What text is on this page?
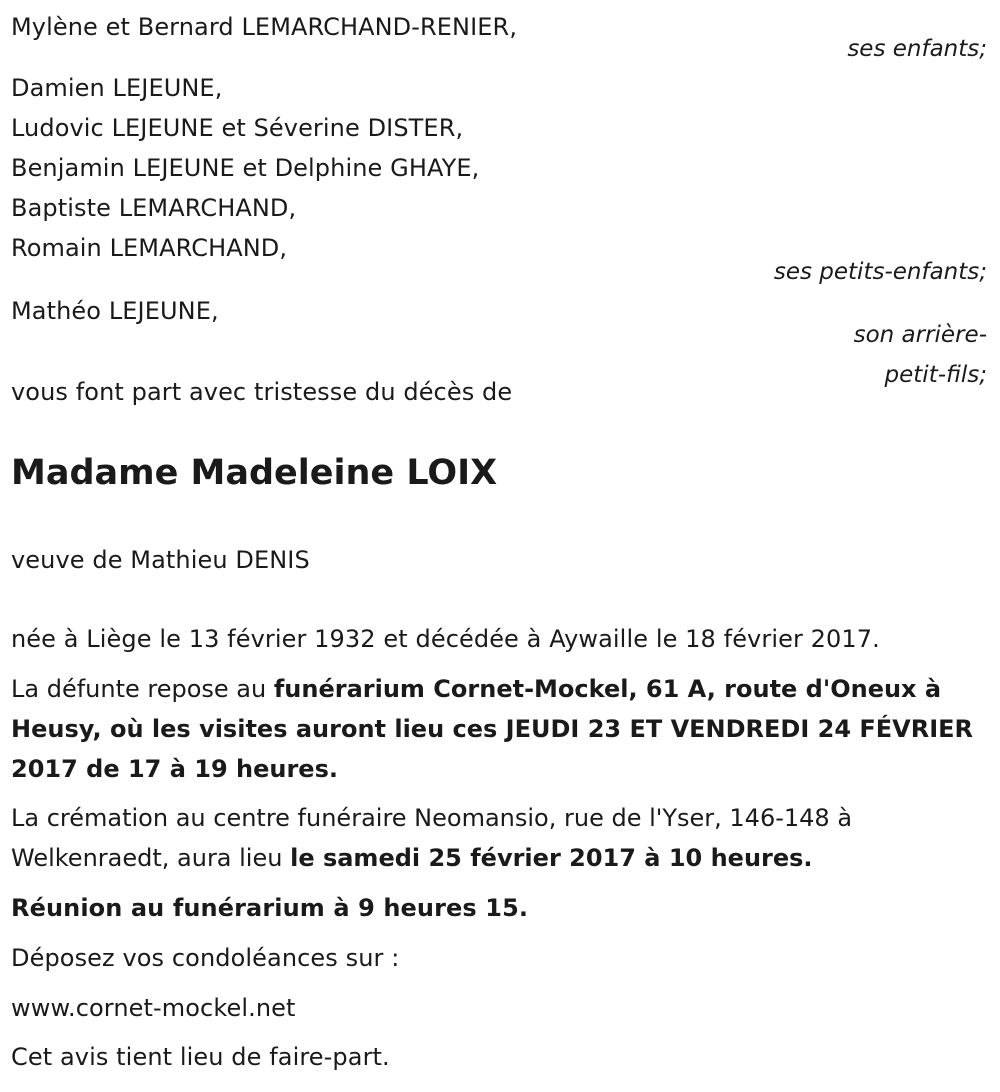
Mylène et Bernard LEMARCHAND-RENIER,
ses enfants;
Damien LEJEUNE,
Ludovic LEJEUNE et Séverine DISTER,
Benjamin LEJEUNE et Delphine GHAYE,
Baptiste LEMARCHAND,
Romain LEMARCHAND,
ses petits-enfants;
Mathéo LEJEUNE,
son arrière-
petit-fils;
vous font part avec tristesse du décès de
Madame Madeleine LOIX
veuve de Mathieu DENIS
née à Liège le 13 février 1932 et décédée à Aywaille le 18 février 2017.
La défunte repose au funérarium Cornet-Mockel, 61 A, route d'Oneux à Heusy, où les visites auront lieu ces JEUDI 23 ET VENDREDI 24 FÉVRIER 2017 de 17 à 19 heures.
La crémation au centre funéraire Neomansio, rue de l'Yser, 146-148 à Welkenraedt, aura lieu le samedi 25 février 2017 à 10 heures.
Réunion au funérarium à 9 heures 15.
Déposez vos condoléances sur :
www.cornet-mockel.net
Cet avis tient lieu de faire-part.
